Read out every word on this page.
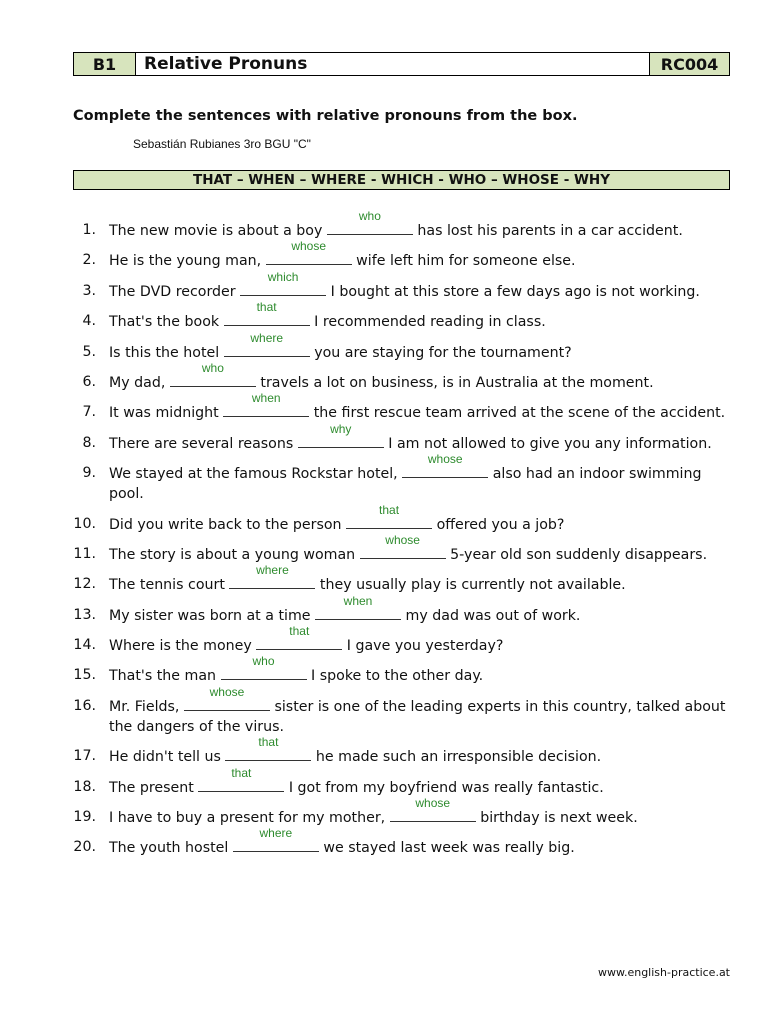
B1	Relative Pronuns	RC004
Complete the sentences with relative pronouns from the box.
Sebastián Rubianes 3ro BGU "C"
THAT – WHEN – WHERE - WHICH - WHO – WHOSE - WHY
1. The new movie is about a boy
who
has lost his parents in a car accident.
2. He is the young man,
whose
wife left him for someone else.
3. The DVD recorder
which
I bought at this store a few days ago is not working.
4. That's the book
that
I recommended reading in class.
5. Is this the hotel
where
you are staying for the tournament?
6. My dad,
who
travels a lot on business, is in Australia at the moment.
7. It was midnight
when
the first rescue team arrived at the scene of the accident.
8. There are several reasons
why
I am not allowed to give you any information.
9. We stayed at the famous Rockstar hotel,
whose
also had an indoor swimming pool.
10. Did you write back to the person
that
offered you a job?
11. The story is about a young woman
whose
5-year old son suddenly disappears.
12. The tennis court
where
they usually play is currently not available.
13. My sister was born at a time
when
my dad was out of work.
14. Where is the money
that
I gave you yesterday?
15. That's the man
who
I spoke to the other day.
16. Mr. Fields,
whose
sister is one of the leading experts in this country, talked about the dangers of the virus.
17. He didn't tell us
that
he made such an irresponsible decision.
18. The present
that
I got from my boyfriend was really fantastic.
19. I have to buy a present for my mother,
whose
birthday is next week.
20. The youth hostel
where
we stayed last week was really big.
www.english-practice.at
